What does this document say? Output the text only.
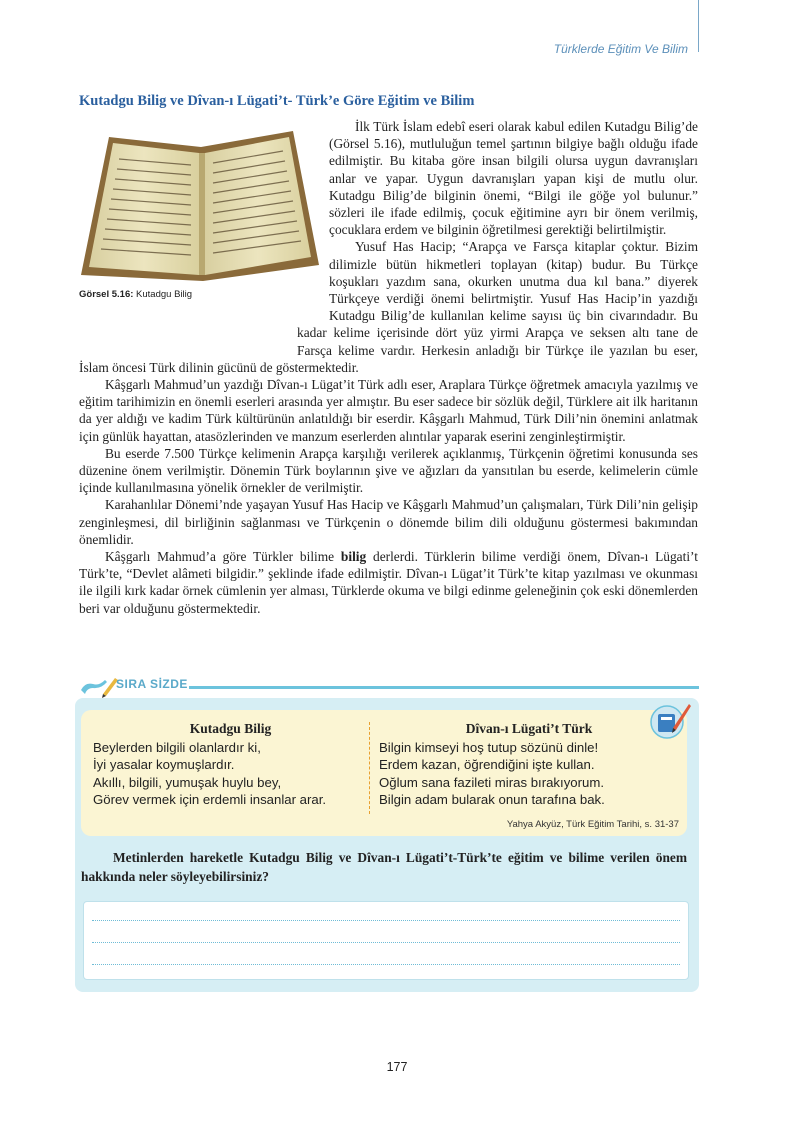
Türklerde Eğitim Ve Bilim
Kutadgu Bilig ve Dîvan-ı Lügati’t- Türk’e Göre Eğitim ve Bilim
Görsel 5.16: Kutadgu Bilig

İlk Türk İslam edebî eseri olarak kabul edilen Kutadgu Bilig’de (Görsel 5.16), mutluluğun temel şartının bilgiye bağlı olduğu ifade edilmiştir. Bu kitaba göre insan bilgili olursa uygun davranışları anlar ve yapar. Uygun davranışları yapan kişi de mutlu olur. Kutadgu Bilig’de bilginin önemi, “Bilgi ile göğe yol bulunur.” sözleri ile ifade edilmiş, çocuk eğitimine ayrı bir önem verilmiş, çocuklara erdem ve bilginin öğretilmesi gerektiği belirtilmiştir.

Yusuf Has Hacip; “Arapça ve Farsça kitaplar çoktur. Bizim dilimizle bütün hikmetleri toplayan (kitap) budur. Bu Türkçe koşukları yazdım sana, okurken unutma dua kıl bana.” diyerek Türkçeye verdiği önemi belirtmiştir. Yusuf Has Hacip’in yazdığı Kutadgu Bilig’de kullanılan kelime sayısı üç bin civarındadır. Bu kadar kelime içerisinde dört yüz yirmi Arapça ve seksen altı tane de Farsça kelime vardır. Herkesin anladığı bir Türkçe ile yazılan bu eser, İslam öncesi Türk dilinin gücünü de göstermektedir.

Kâşgarlı Mahmud’un yazdığı Dîvan-ı Lügat’it Türk adlı eser, Araplara Türkçe öğretmek amacıyla yazılmış ve eğitim tarihimizin en önemli eserleri arasında yer almıştır. Bu eser sadece bir sözlük değil, Türklere ait ilk haritanın da yer aldığı ve kadim Türk kültürünün anlatıldığı bir eserdir. Kâşgarlı Mahmud, Türk Dili’nin önemini anlatmak için günlük hayattan, atasözlerinden ve manzum eserlerden alıntılar yaparak eserini zenginleştirmiştir.

Bu eserde 7.500 Türkçe kelimenin Arapça karşılığı verilerek açıklanmış, Türkçenin öğretimi konusunda ses düzenine önem verilmiştir. Dönemin Türk boylarının şive ve ağızları da yansıtılan bu eserde, kelimelerin cümle içinde kullanılmasına yönelik örnekler de verilmiştir.

Karahanlılar Dönemi’nde yaşayan Yusuf Has Hacip ve Kâşgarlı Mahmud’un çalışmaları, Türk Dili’nin gelişip zenginleşmesi, dil birliğinin sağlanması ve Türkçenin o dönemde bilim dili olduğunu göstermesi bakımından önemlidir.

Kâşgarlı Mahmud’a göre Türkler bilime bilig derlerdi. Türklerin bilime verdiği önem, Dîvan-ı Lügati’t Türk’te, “Devlet alâmeti bilgidir.” şeklinde ifade edilmiştir. Dîvan-ı Lügat’it Türk’te kitap yazılması ve okunması ile ilgili kırk kadar örnek cümlenin yer alması, Türklerde okuma ve bilgi edinme geleneğinin çok eski dönemlerden beri var olduğunu göstermektedir.

SIRA SİZDE
Kutadgu Bilig
Beylerden bilgili olanlardır ki,
İyi yasalar koymuşlardır.
Akıllı, bilgili, yumuşak huylu bey,
Görev vermek için erdemli insanlar arar.
Dîvan-ı Lügati’t Türk
Bilgin kimseyi hoş tutup sözünü dinle!
Erdem kazan, öğrendiğini işte kullan.
Oğlum sana fazileti miras bırakıyorum.
Bilgin adam bularak onun tarafına bak.
Yahya Akyüz, Türk Eğitim Tarihi, s. 31-37
Metinlerden hareketle Kutadgu Bilig ve Dîvan-ı Lügati’t-Türk’te eğitim ve bilime verilen önem hakkında neler söyleyebilirsiniz?
177
